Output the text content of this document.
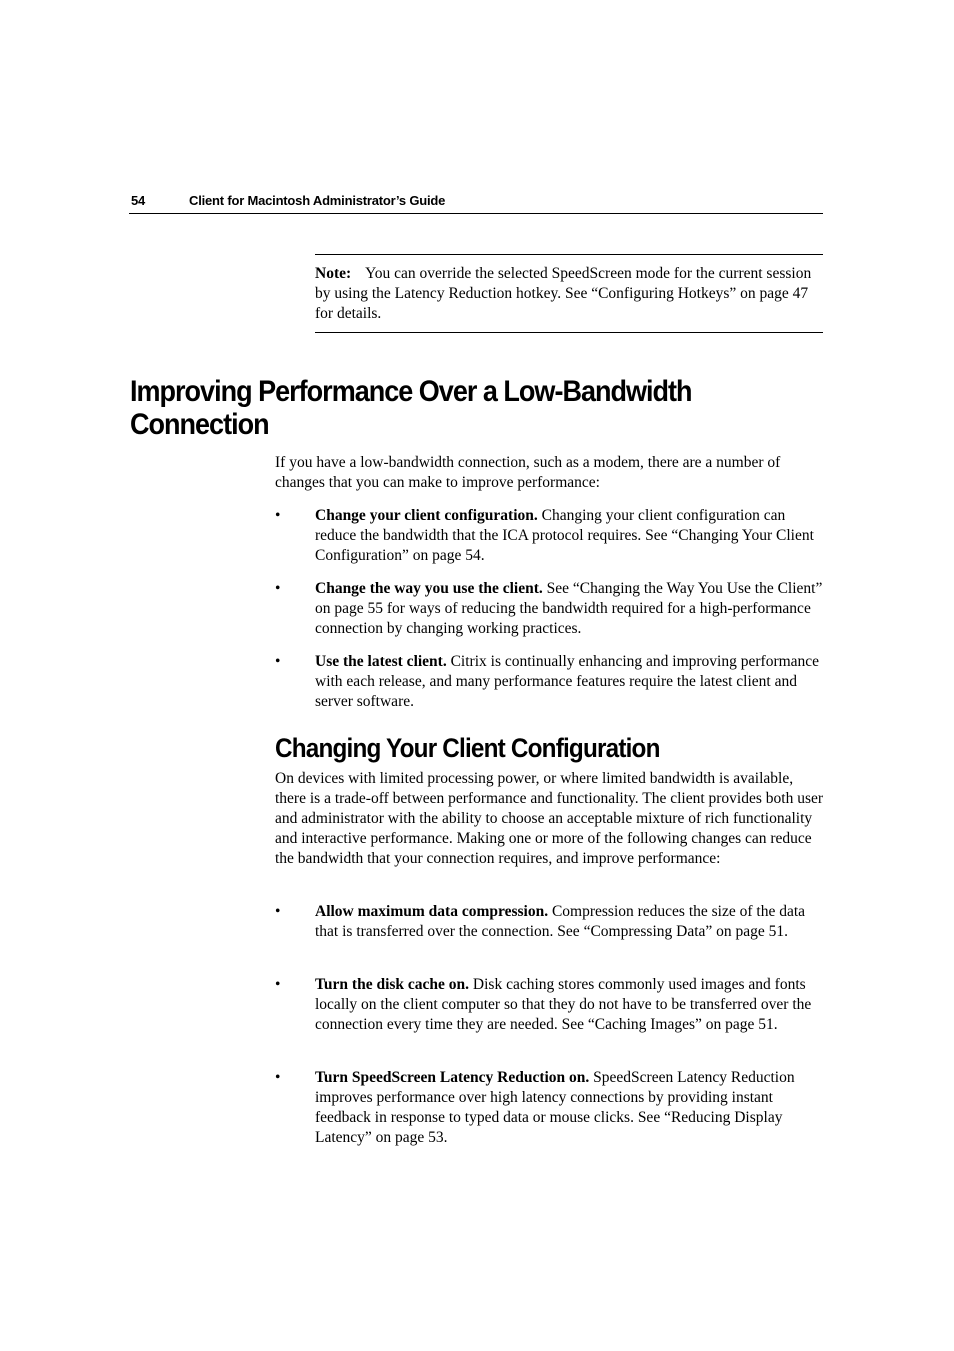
54	Client for Macintosh Administrator’s Guide
Note: You can override the selected SpeedScreen mode for the current session by using the Latency Reduction hotkey. See “Configuring Hotkeys” on page 47 for details.
Improving Performance Over a Low-Bandwidth Connection

If you have a low-bandwidth connection, such as a modem, there are a number of changes that you can make to improve performance:

• Change your client configuration. Changing your client configuration can reduce the bandwidth that the ICA protocol requires. See “Changing Your Client Configuration” on page 54.
• Change the way you use the client. See “Changing the Way You Use the Client” on page 55 for ways of reducing the bandwidth required for a high-performance connection by changing working practices.
• Use the latest client. Citrix is continually enhancing and improving performance with each release, and many performance features require the latest client and server software.
Changing Your Client Configuration

On devices with limited processing power, or where limited bandwidth is available, there is a trade-off between performance and functionality. The client provides both user and administrator with the ability to choose an acceptable mixture of rich functionality and interactive performance. Making one or more of the following changes can reduce the bandwidth that your connection requires, and improve performance:

• Allow maximum data compression. Compression reduces the size of the data that is transferred over the connection. See “Compressing Data” on page 51.
• Turn the disk cache on. Disk caching stores commonly used images and fonts locally on the client computer so that they do not have to be transferred over the connection every time they are needed. See “Caching Images” on page 51.
• Turn SpeedScreen Latency Reduction on. SpeedScreen Latency Reduction improves performance over high latency connections by providing instant feedback in response to typed data or mouse clicks. See “Reducing Display Latency” on page 53.
